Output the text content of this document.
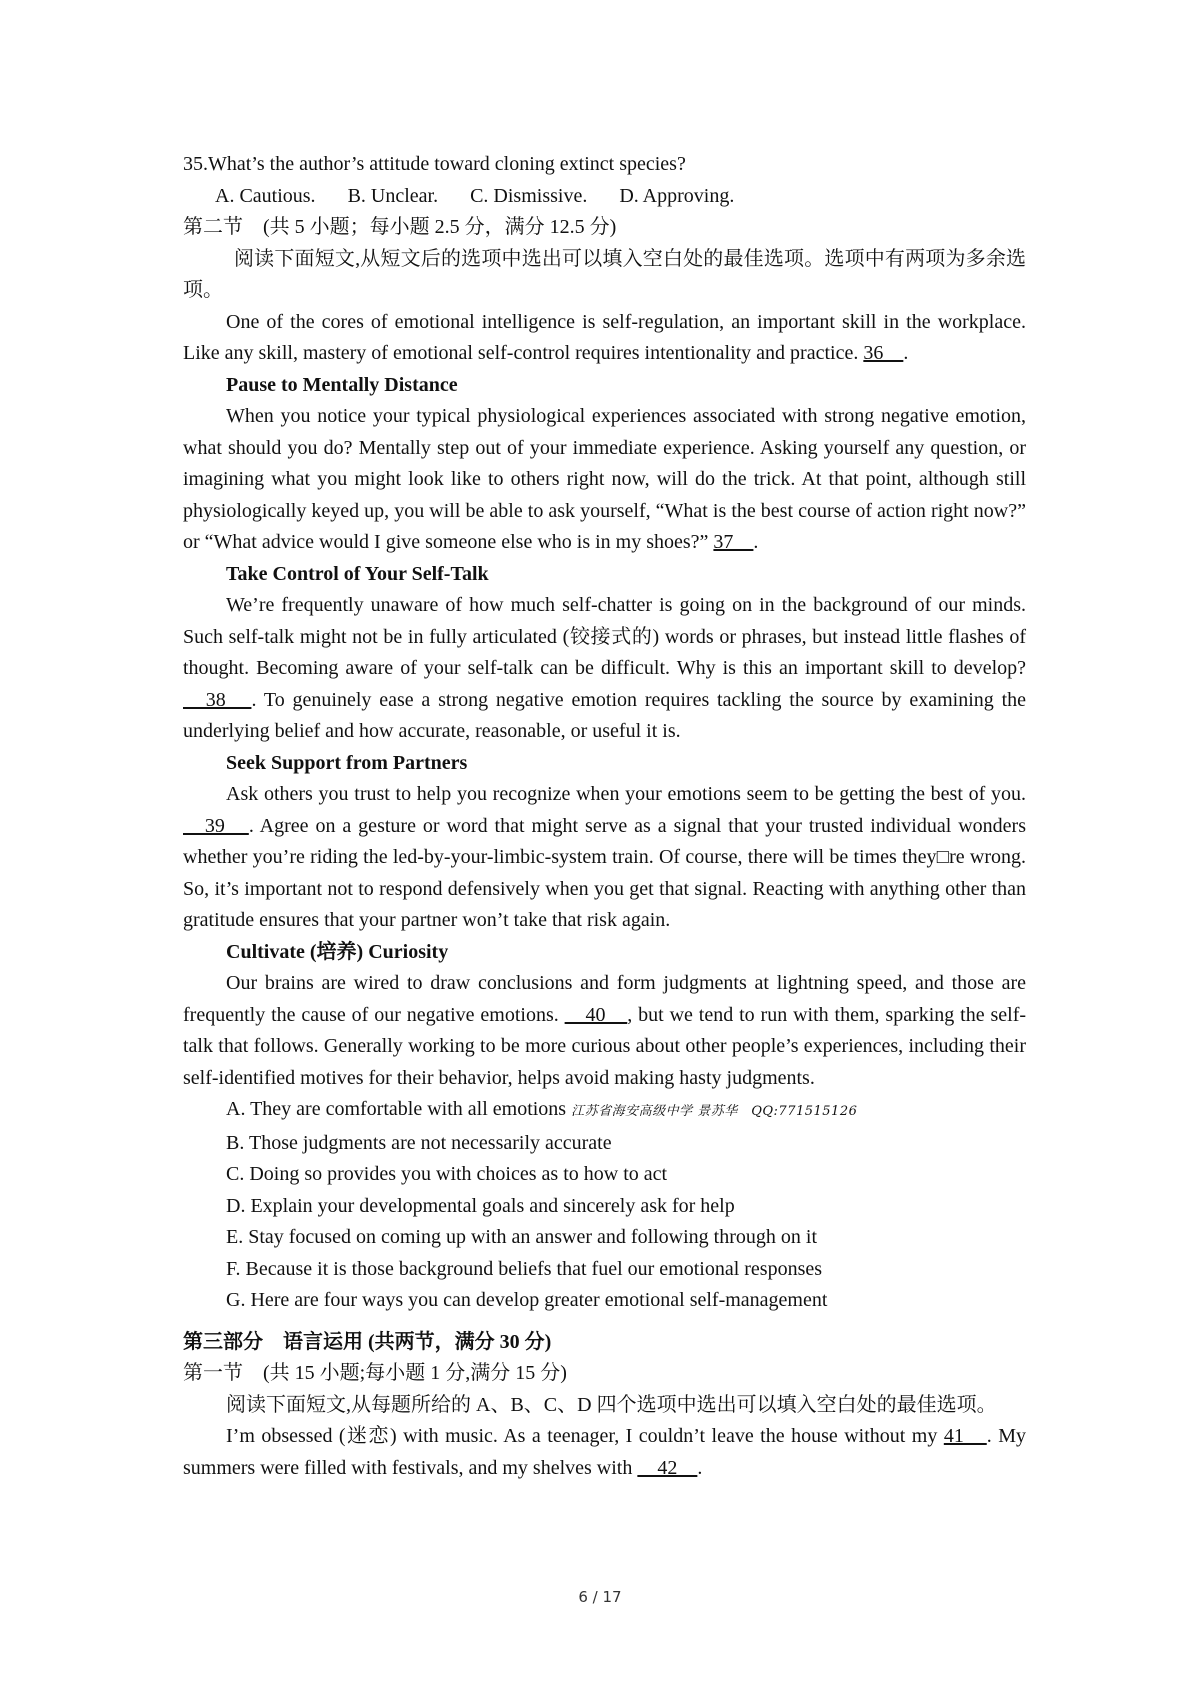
35.What’s the author’s attitude toward cloning extinct species?

A. Cautious. B. Unclear. C. Dismissive. D. Approving.

第二节　(共 5 小题；每小题 2.5 分，满分 12.5 分)

阅读下面短文,从短文后的选项中选出可以填入空白处的最佳选项。选项中有两项为多余选项。

One of the cores of emotional intelligence is self-regulation, an important skill in the workplace. Like any skill, mastery of emotional self-control requires intentionality and practice. 36　.

Pause to Mentally Distance

When you notice your typical physiological experiences associated with strong negative emotion, what should you do? Mentally step out of your immediate experience. Asking yourself any question, or imagining what you might look like to others right now, will do the trick. At that point, although still physiologically keyed up, you will be able to ask yourself, “What is the best course of action right now?” or “What advice would I give someone else who is in my shoes?” 37　.

Take Control of Your Self-Talk

We’re frequently unaware of how much self-chatter is going on in the background of our minds. Such self-talk might not be in fully articulated (铰接式的) words or phrases, but instead little flashes of thought. Becoming aware of your self-talk can be difficult. Why is this an important skill to develop? 　38　. To genuinely ease a strong negative emotion requires tackling the source by examining the underlying belief and how accurate, reasonable, or useful it is.

Seek Support from Partners

Ask others you trust to help you recognize when your emotions seem to be getting the best of you. 　39　. Agree on a gesture or word that might serve as a signal that your trusted individual wonders whether you’re riding the led-by-your-limbic-system train. Of course, there will be times they□re wrong. So, it’s important not to respond defensively when you get that signal. Reacting with anything other than gratitude ensures that your partner won’t take that risk again.

Cultivate (培养) Curiosity

Our brains are wired to draw conclusions and form judgments at lightning speed, and those are frequently the cause of our negative emotions. 　40　, but we tend to run with them, sparking the self-talk that follows. Generally working to be more curious about other people’s experiences, including their self-identified motives for their behavior, helps avoid making hasty judgments.

A. They are comfortable with all emotions 江苏省海安高级中学 景苏华　QQ:771515126

B. Those judgments are not necessarily accurate

C. Doing so provides you with choices as to how to act

D. Explain your developmental goals and sincerely ask for help

E. Stay focused on coming up with an answer and following through on it

F. Because it is those background beliefs that fuel our emotional responses

G. Here are four ways you can develop greater emotional self-management

第三部分　语言运用 (共两节，满分 30 分)

第一节　(共 15 小题;每小题 1 分,满分 15 分)

阅读下面短文,从每题所给的 A、B、C、D 四个选项中选出可以填入空白处的最佳选项。

I’m obsessed (迷恋) with music. As a teenager, I couldn’t leave the house without my 41　. My summers were filled with festivals, and my shelves with 　42　.

6 / 17
